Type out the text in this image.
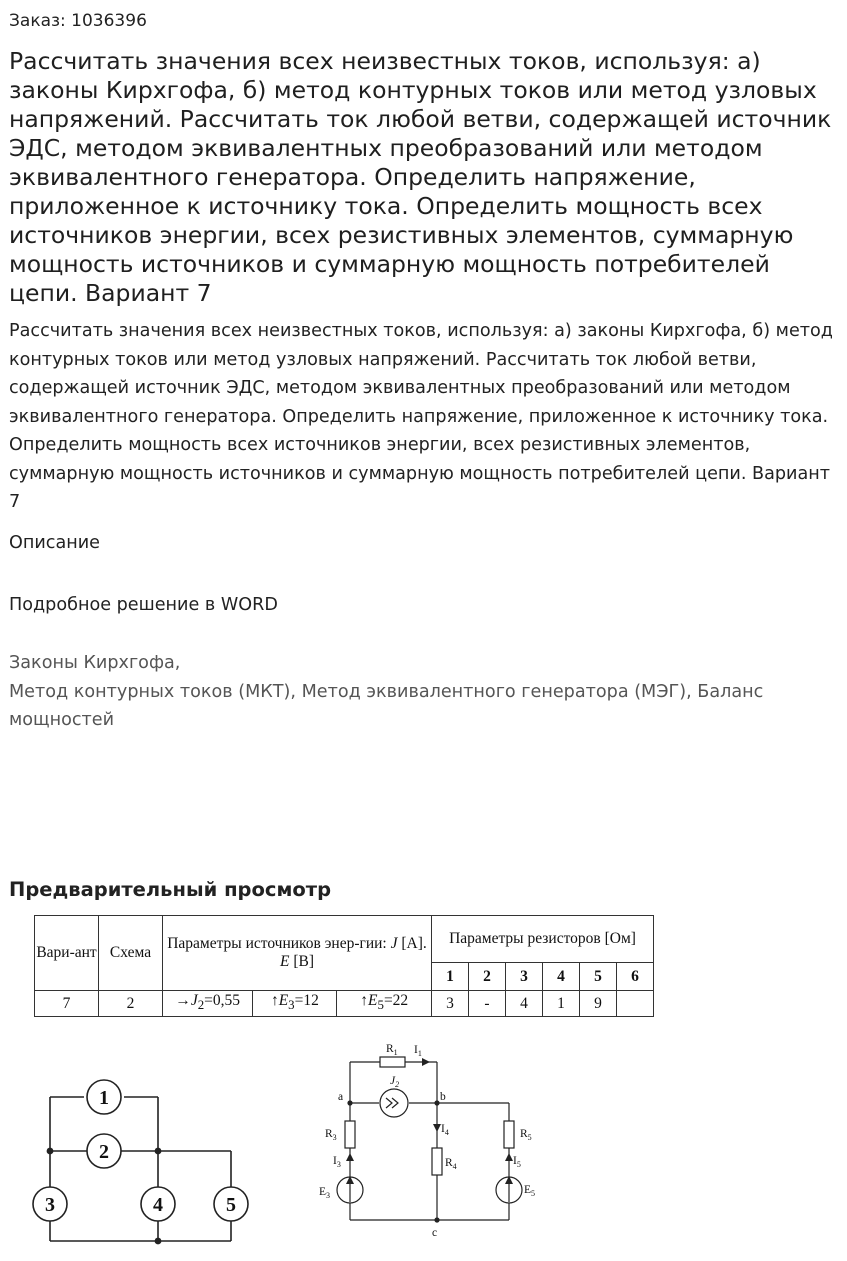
Заказ: 1036396
Рассчитать значения всех неизвестных токов, используя: а) законы Кирхгофа, б) метод контурных токов или метод узловых напряжений. Рассчитать ток любой ветви, содержащей источник ЭДС, методом эквивалентных преобразований или методом эквивалентного генератора. Определить напряжение, приложенное к источнику тока. Определить мощность всех источников энергии, всех резистивных элементов, суммарную мощность источников и суммарную мощность потребителей цепи. Вариант 7
Рассчитать значения всех неизвестных токов, используя: а) законы Кирхгофа, б) метод контурных токов или метод узловых напряжений. Рассчитать ток любой ветви, содержащей источник ЭДС, методом эквивалентных преобразований или методом эквивалентного генератора. Определить напряжение, приложенное к источнику тока. Определить мощность всех источников энергии, всех резистивных элементов, суммарную мощность источников и суммарную мощность потребителей цепи. Вариант 7
Описание
Подробное решение в WORD
Законы Кирхгофа,
Метод контурных токов (МКТ), Метод эквивалентного генератора (МЭГ), Баланс мощностей
Предварительный просмотр
Вари-ант	Схема	Параметры источников энер-гии: J [A]. E [B]			Параметры резисторов [Ом]					
					1	2	3	4	5	6
7	2	$\to J_2=0,55$	$↑E_3=12$	$↑E_5=22$	3	-	4	1	9	
1
2
3	4	5
$R_1$ $I_1$
$J_2$
a	b
c
$R_3$
$I_3$
$E_3$
$I_4$
$R_4$
$R_5$
$I_5$
$E_5$
